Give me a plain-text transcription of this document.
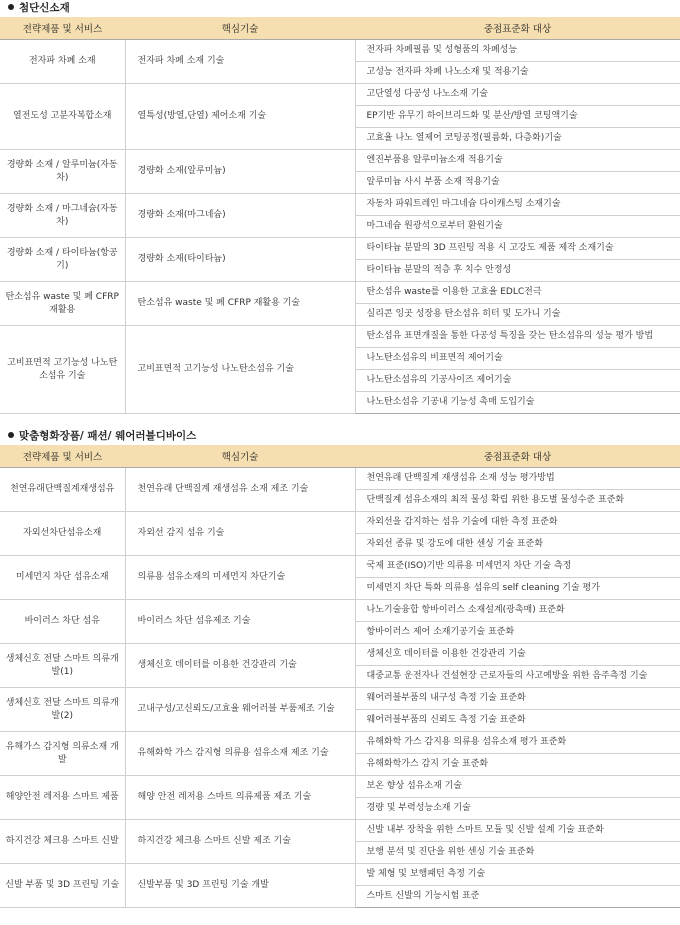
첨단신소재
전략제품 및 서비스	핵심기술	중점표준화 대상
전자파 차폐 소재	전자파 차폐 소재 기술	전자파 차폐필름 및 성형품의 차폐성능
		고성능 전자파 차폐 나노소재 및 적용기술
열전도성 고분자복합소재	열특성(방열,단열) 제어소재 기술	고단열성 다공성 나노소재 기술
		EP기반 유무기 하이브리드화 및 분산/방열 코팅액기술
		고효율 나노 열제어 코팅공정(필름화, 다층화)기술
경량화 소재 / 알루미늄(자동차)	경량화 소재(알루미늄)	엔진부품용 알루미늄소재 적용기술
		알루미늄 사시 부품 소재 적용기술
경량화 소재 / 마그네슘(자동차)	경량화 소재(마그네슘)	자동차 파워트레인 마그네슘 다이캐스팅 소재기술
		마그네슘 원광석으로부터 환원기술
경량화 소재 / 타이타늄(항공기)	경량화 소재(타이타늄)	타이타늄 분말의 3D 프린팅 적용 시 고강도 제품 제작 소재기술
		타이타늄 분말의 적층 후 치수 안정성
탄소섬유 waste 및 폐 CFRP 재활용	탄소섬유 waste 및 폐 CFRP 재활용 기술	탄소섬유 waste를 이용한 고효율 EDLC전극
		실리콘 잉곳 성장용 탄소섬유 히터 및 도가니 기술
고비표면적 고기능성 나노탄소섬유 기술	고비표면적 고기능성 나노탄소섬유 기술	탄소섬유 표면개질을 통한 다공성 특징을 갖는 탄소섬유의 성능 평가 방법
		나노탄소섬유의 비표면적 제어기술
		나노탄소섬유의 기공사이즈 제어기술
		나노탄소섬유 기공내 기능성 촉매 도입기술
맞춤형화장품/ 패션/ 웨어러블디바이스
전략제품 및 서비스	핵심기술	중점표준화 대상
천연유래단백질계재생섬유	천연유래 단백질계 재생섬유 소재 제조 기술	천연유래 단백질계 재생섬유 소재 성능 평가방법
		단백질계 섬유소재의 최적 물성 확립 위한 용도별 물성수준 표준화
자외선차단섬유소재	자외선 감지 섬유 기술	자외선을 감지하는 섬유 기술에 대한 측정 표준화
		자외선 종류 및 강도에 대한 센싱 기술 표준화
미세먼지 차단 섬유소재	의류용 섬유소재의 미세먼지 차단기술	국제 표준(ISO)기반 의류용 미세먼지 차단 기술 측정
		미세먼지 차단 특화 의류용 섬유의 self cleaning 기술 평가
바이러스 차단 섬유	바이러스 차단 섬유제조 기술	나노기술융합 항바이러스 소재설계(광촉매) 표준화
		항바이러스 제어 소재기공기술 표준화
생체신호 전달 스마트 의류개발(1)	생체신호 데이터를 이용한 건강관리 기술	생체신호 데이터를 이용한 건강관리 기술
		대중교통 운전자나 건설현장 근로자들의 사고예방을 위한 음주측정 기술
생체신호 전달 스마트 의류개발(2)	고내구성/고신뢰도/고효율 웨어러블 부품제조 기술	웨어러블부품의 내구성 측정 기술 표준화
		웨어러블부품의 신뢰도 측정 기술 표준화
유해가스 감지형 의류소재 개발	유해화학 가스 감지형 의류용 섬유소재 제조 기술	유해화학 가스 감지용 의류용 섬유소재 평가 표준화
		유해화학가스 감지 기술 표준화
해양안전 레저용 스마트 제품	해양 안전 레저용 스마트 의류제품 제조 기술	보온 향상 섬유소재 기술
		경량 및 부력성능소재 기술
하지건강 체크용 스마트 신발	하지건강 체크용 스마트 신발 제조 기술	신발 내부 장착을 위한 스마트 모듈 및 신발 설계 기술 표준화
		보행 분석 및 진단을 위한 센싱 기술 표준화
신발 부품 및 3D 프린팅 기술	신발부품 및 3D 프린팅 기술 개발	발 체형 및 보행패턴 측정 기술
		스마트 신발의 기능시험 표준
